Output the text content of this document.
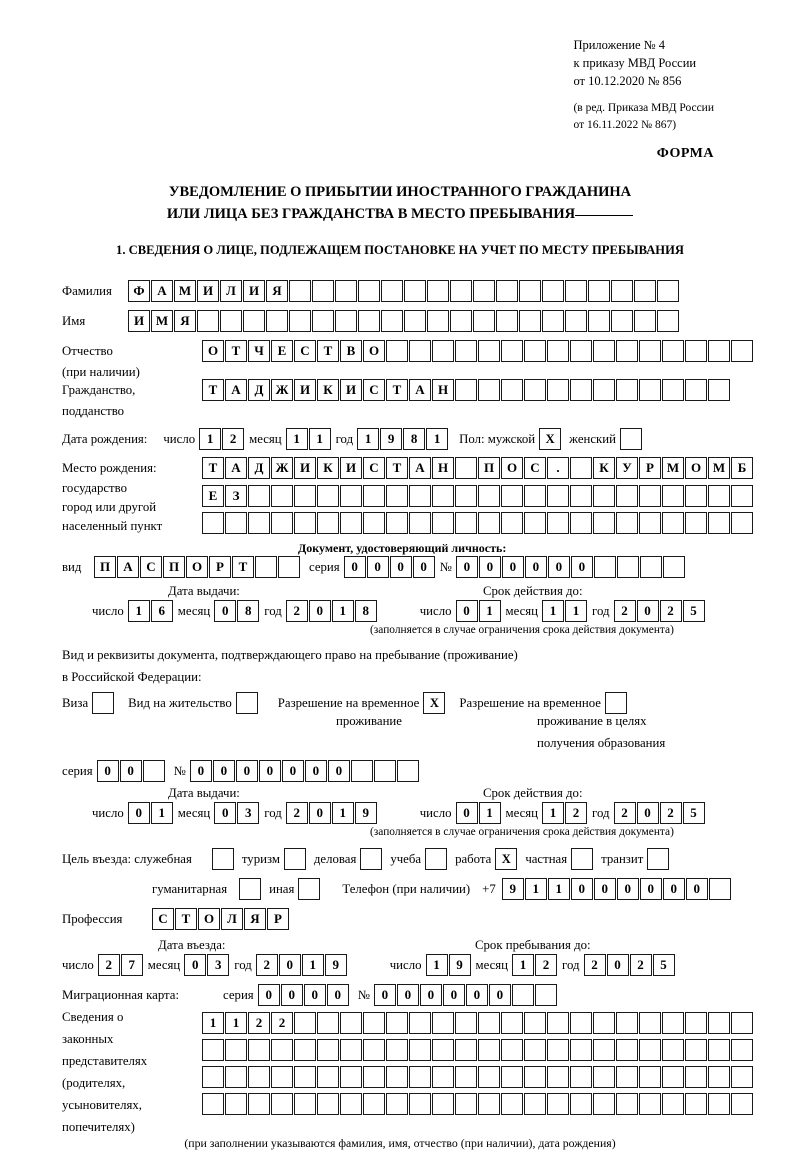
Приложение № 4
к приказу МВД России
от 10.12.2020 № 856
(в ред. Приказа МВД России
от 16.11.2022 № 867)
ФОРМА
УВЕДОМЛЕНИЕ О ПРИБЫТИИ ИНОСТРАННОГО ГРАЖДАНИНА
ИЛИ ЛИЦА БЕЗ ГРАЖДАНСТВА В МЕСТО ПРЕБЫВАНИЯ
1. СВЕДЕНИЯ О ЛИЦЕ, ПОДЛЕЖАЩЕМ ПОСТАНОВКЕ НА УЧЕТ ПО МЕСТУ ПРЕБЫВАНИЯ
Фамилия	Ф А М И	Л	И	Я
Имя	И М Я
Отчество	О	Т	Ч	Е	С	Т	В	О
(при наличии)
Гражданство,	Т	А	Д Ж И	К	И	С	Т	А	Н
подданство
Дата рождения: число 1	2 месяц 1	1 год 1	9	8	1	Пол: мужской Х	женский
Место рождения:	Т	А	Д Ж И	К	И	С	Т	А	Н	П О	С	.	К	У	Р М О М Б
государство	Е	З
город или другой
населенный пункт
Документ, удостоверяющий личность:
вид	П	А	С	П О	Р	Т	серия 0	0	0	0 № 0	0	0	0	0	0
Дата выдачи:	Срок действия до:
число 1	6 месяц 0	8 год 2	0	1	8	число 0	1 месяц 1	1 год 2	0	2	5
(заполняется в случае ограничения срока действия документа)
Вид и реквизиты документа, подтверждающего право на пребывание (проживание)
в Российской Федерации:
Виза	Вид на жительство	Разрешение на временное Х	Разрешение на временное
проживание	проживание в целях
получения образования
серия 0	0	№ 0	0	0	0	0	0	0
Дата выдачи:	Срок действия до:
число 0	1 месяц 0	3 год 2	0	1	9	число 0	1 месяц 1	2 год 2	0	2	5
(заполняется в случае ограничения срока действия документа)
Цель въезда: служебная	туризм	деловая	учеба	работа Х	частная	транзит
гуманитарная	иная	Телефон (при наличии) +7	9	1	1	0	0	0	0	0	0
Профессия	С	Т	О	Л	Я	Р
Дата въезда:	Срок пребывания до:
число 2	7 месяц 0	3 год 2	0	1	9	число 1	9 месяц 1	2 год 2	0	2	5
Миграционная карта:	серия 0	0	0	0	№ 0	0	0	0	0	0
Сведения о
законных
представителях
(родителях,
усыновителях,
попечителях)
1	1	2	2
(при заполнении указываются фамилия, имя, отчество (при наличии), дата рождения)
